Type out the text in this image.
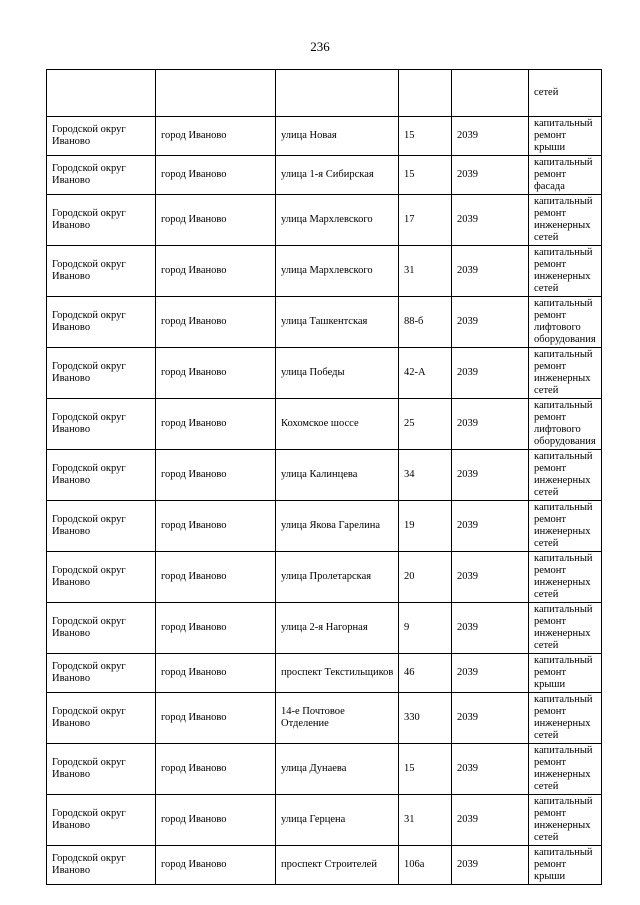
236
					сетей
Городской округ Иваново	город Иваново	улица Новая	15	2039	капитальный ремонт крыши
Городской округ Иваново	город Иваново	улица 1-я Сибирская	15	2039	капитальный ремонт фасада
Городской округ Иваново	город Иваново	улица Мархлевского	17	2039	капитальный ремонт инженерных сетей
Городской округ Иваново	город Иваново	улица Мархлевского	31	2039	капитальный ремонт инженерных сетей
Городской округ Иваново	город Иваново	улица Ташкентская	88-б	2039	капитальный ремонт лифтового оборудования
Городской округ Иваново	город Иваново	улица Победы	42-А	2039	капитальный ремонт инженерных сетей
Городской округ Иваново	город Иваново	Кохомское шоссе	25	2039	капитальный ремонт лифтового оборудования
Городской округ Иваново	город Иваново	улица Калинцева	34	2039	капитальный ремонт инженерных сетей
Городской округ Иваново	город Иваново	улица Якова Гарелина	19	2039	капитальный ремонт инженерных сетей
Городской округ Иваново	город Иваново	улица Пролетарская	20	2039	капитальный ремонт инженерных сетей
Городской округ Иваново	город Иваново	улица 2-я Нагорная	9	2039	капитальный ремонт инженерных сетей
Городской округ Иваново	город Иваново	проспект Текстильщиков	46	2039	капитальный ремонт крыши
Городской округ Иваново	город Иваново	14-е Почтовое Отделение	330	2039	капитальный ремонт инженерных сетей
Городской округ Иваново	город Иваново	улица Дунаева	15	2039	капитальный ремонт инженерных сетей
Городской округ Иваново	город Иваново	улица Герцена	31	2039	капитальный ремонт инженерных сетей
Городской округ Иваново	город Иваново	проспект Строителей	106а	2039	капитальный ремонт крыши
